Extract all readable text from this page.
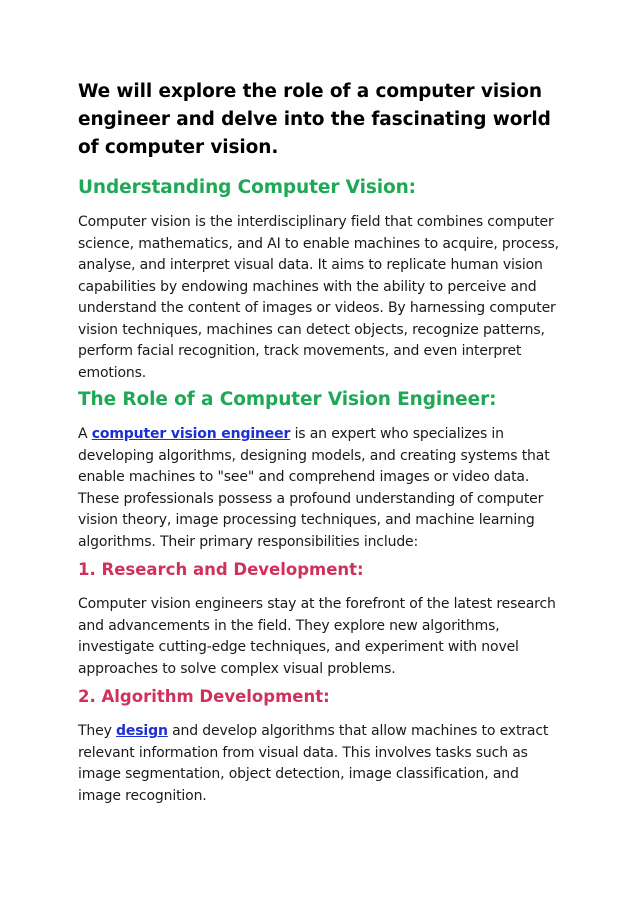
We will explore the role of a computer vision engineer and delve into the fascinating world of computer vision.
Understanding Computer Vision:

Computer vision is the interdisciplinary field that combines computer science, mathematics, and AI to enable machines to acquire, process, analyse, and interpret visual data. It aims to replicate human vision capabilities by endowing machines with the ability to perceive and understand the content of images or videos. By harnessing computer vision techniques, machines can detect objects, recognize patterns, perform facial recognition, track movements, and even interpret emotions.

The Role of a Computer Vision Engineer:

A computer vision engineer is an expert who specializes in developing algorithms, designing models, and creating systems that enable machines to "see" and comprehend images or video data. These professionals possess a profound understanding of computer vision theory, image processing techniques, and machine learning algorithms. Their primary responsibilities include:

1. Research and Development:

Computer vision engineers stay at the forefront of the latest research and advancements in the field. They explore new algorithms, investigate cutting-edge techniques, and experiment with novel approaches to solve complex visual problems.

2. Algorithm Development:

They design and develop algorithms that allow machines to extract relevant information from visual data. This involves tasks such as image segmentation, object detection, image classification, and image recognition.
